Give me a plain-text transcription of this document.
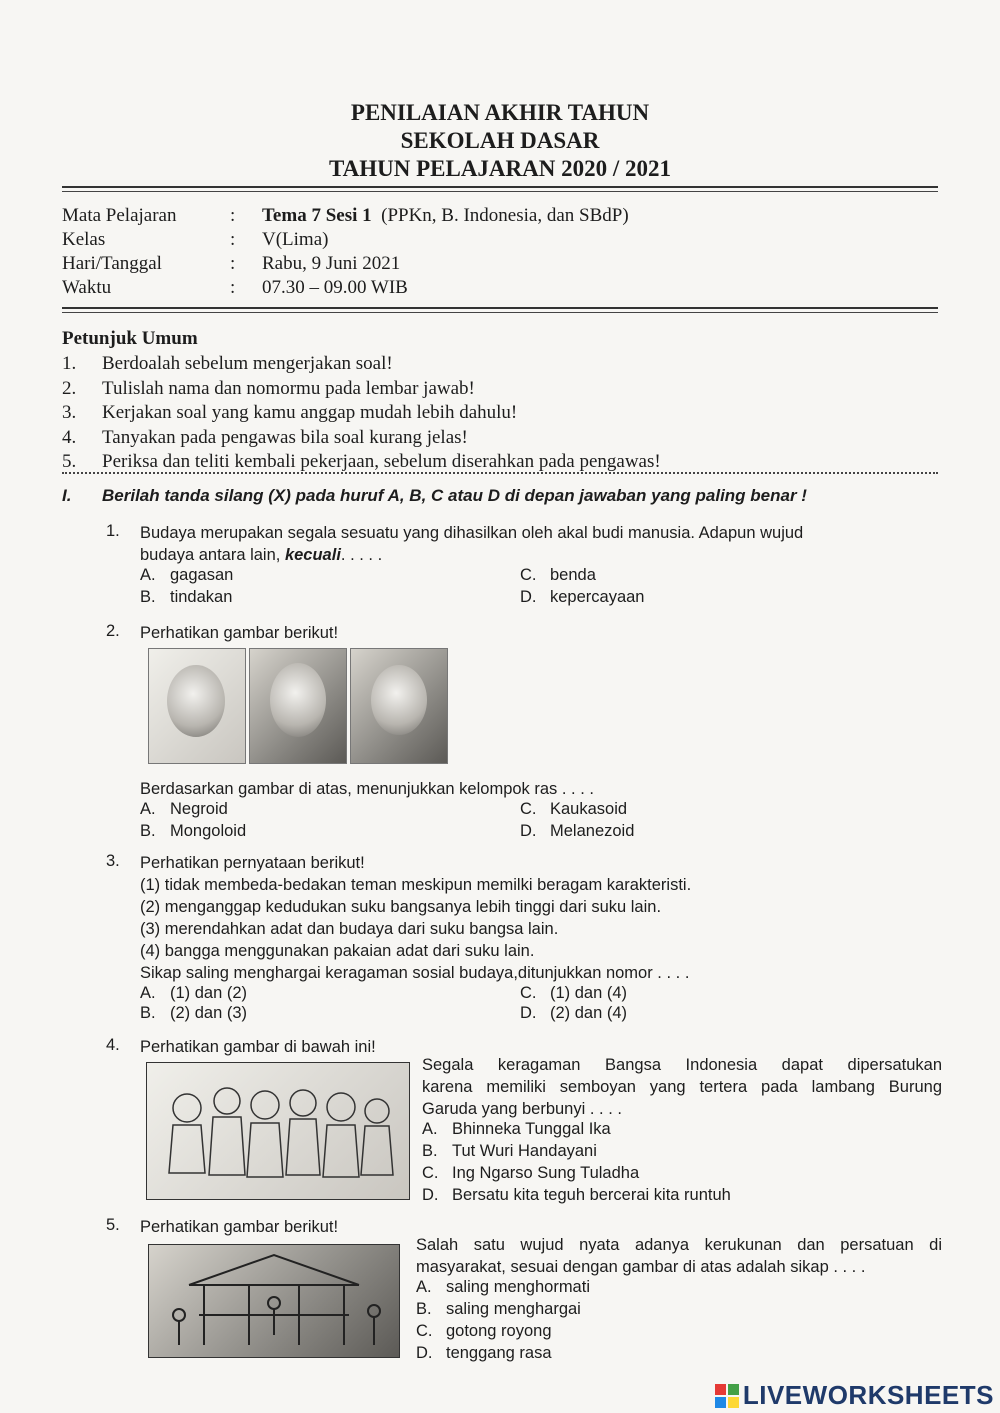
PENILAIAN AKHIR TAHUN
SEKOLAH DASAR
TAHUN PELAJARAN 2020 / 2021
Mata Pelajaran	: Tema 7 Sesi 1 (PPKn, B. Indonesia, dan SBdP)
Kelas	: V(Lima)
Hari/Tanggal	: Rabu, 9 Juni 2021
Waktu	: 07.30 – 09.00 WIB
Petunjuk Umum
1.	Berdoalah sebelum mengerjakan soal!
2.	Tulislah nama dan nomormu pada lembar jawab!
3.	Kerjakan soal yang kamu anggap mudah lebih dahulu!
4.	Tanyakan pada pengawas bila soal kurang jelas!
5.	Periksa dan teliti kembali pekerjaan, sebelum diserahkan pada pengawas!
I. Berilah tanda silang (X) pada huruf A, B, C atau D di depan jawaban yang paling benar !
1. Budaya merupakan segala sesuatu yang dihasilkan oleh akal budi manusia. Adapun wujud
budaya antara lain, kecuali. . . . .
A. gagasan	C. benda
B. tindakan	D. kepercayaan
2. Perhatikan gambar berikut!
Berdasarkan gambar di atas, menunjukkan kelompok ras . . . .
A. Negroid	C. Kaukasoid
B. Mongoloid	D. Melanezoid
3. Perhatikan pernyataan berikut!
(1) tidak membeda-bedakan teman meskipun memilki beragam karakteristi.
(2) menganggap kedudukan suku bangsanya lebih tinggi dari suku lain.
(3) merendahkan adat dan budaya dari suku bangsa lain.
(4) bangga menggunakan pakaian adat dari suku lain.
Sikap saling menghargai keragaman sosial budaya,ditunjukkan nomor . . . .
A. (1) dan (2)	C. (1) dan (4)
B. (2) dan (3)	D. (2) dan (4)
4. Perhatikan gambar di bawah ini!
Segala keragaman Bangsa Indonesia dapat dipersatukan
karena memiliki semboyan yang tertera pada lambang Burung
Garuda yang berbunyi . . . .
A. Bhinneka Tunggal Ika
B. Tut Wuri Handayani
C. Ing Ngarso Sung Tuladha
D. Bersatu kita teguh bercerai kita runtuh
5. Perhatikan gambar berikut!
Salah satu wujud nyata adanya kerukunan dan persatuan di
masyarakat, sesuai dengan gambar di atas adalah sikap . . . .
A. saling menghormati
B. saling menghargai
C. gotong royong
D. tenggang rasa
LIVEWORKSHEETS
